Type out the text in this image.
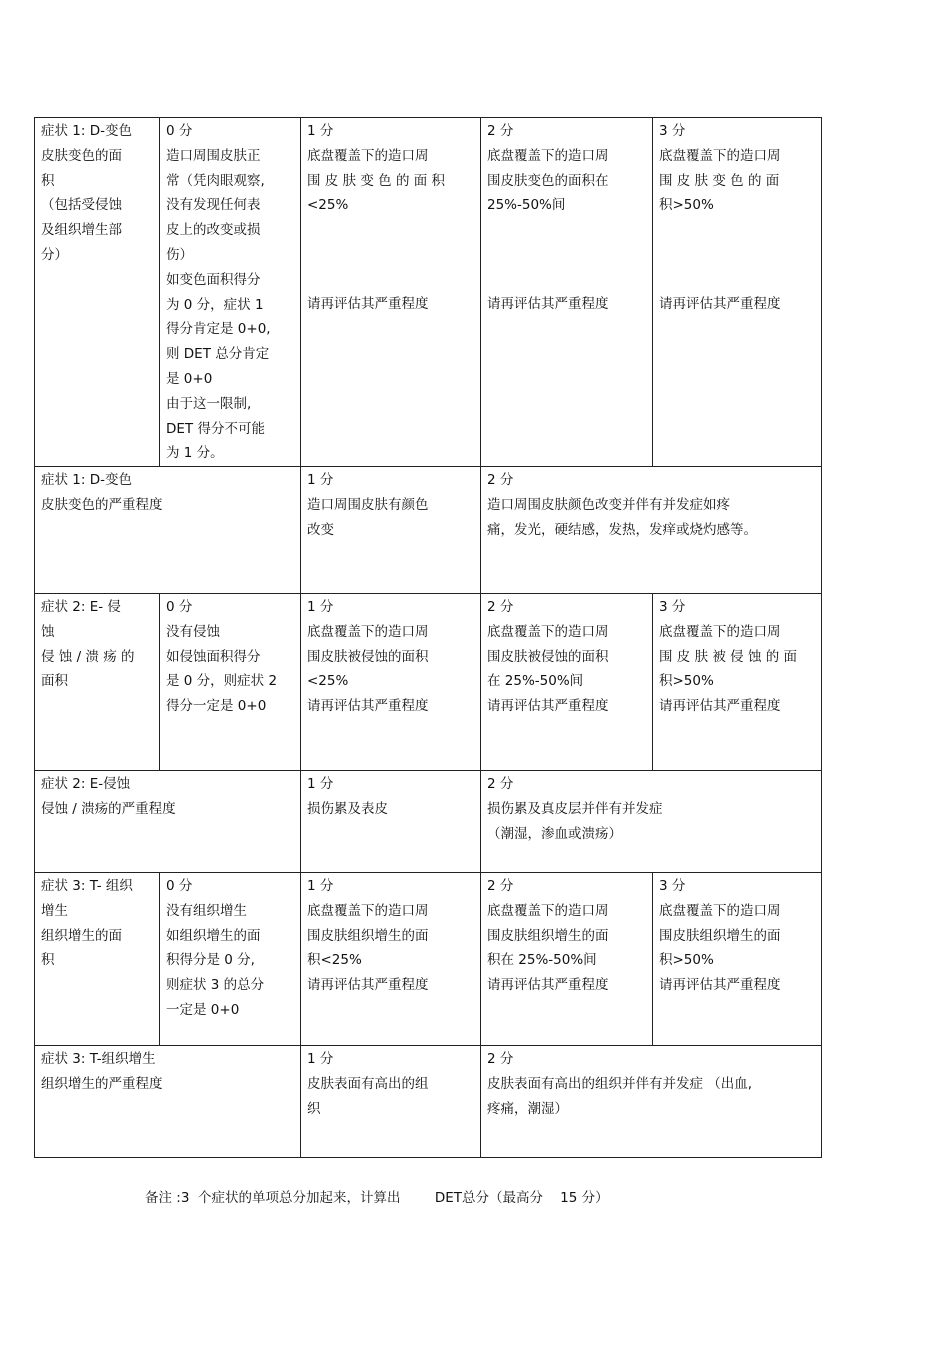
症状 1: D-变色
皮肤变色的面
积
（包括受侵蚀
及组织增生部
分）
0 分
造口周围皮肤正
常（凭肉眼观察,
没有发现任何表
皮上的改变或损
伤）
如变色面积得分
为 0 分，症状 1
得分肯定是 0+0,
则 DET 总分肯定
是 0+0
由于这一限制,
DET 得分不可能
为 1 分。
1 分
底盘覆盖下的造口周
围 皮 肤 变 色 的 面 积
<25%
请再评估其严重程度
2 分
底盘覆盖下的造口周
围皮肤变色的面积在
25%-50%间
请再评估其严重程度
3 分
底盘覆盖下的造口周
围 皮 肤 变 色 的 面
积>50%
请再评估其严重程度
症状 1: D-变色
皮肤变色的严重程度
1 分
造口周围皮肤有颜色
改变
2 分
造口周围皮肤颜色改变并伴有并发症如疼
痛，发光，硬结感，发热，发痒或烧灼感等。
症状 2: E- 侵
蚀
侵 蚀 / 溃 疡 的
面积
0 分
没有侵蚀
如侵蚀面积得分
是 0 分，则症状 2
得分一定是 0+0
1 分
底盘覆盖下的造口周
围皮肤被侵蚀的面积
<25%
请再评估其严重程度
2 分
底盘覆盖下的造口周
围皮肤被侵蚀的面积
在 25%-50%间
请再评估其严重程度
3 分
底盘覆盖下的造口周
围 皮 肤 被 侵 蚀 的 面
积>50%
请再评估其严重程度
症状 2: E-侵蚀
侵蚀 / 溃疡的严重程度
1 分
损伤累及表皮
2 分
损伤累及真皮层并伴有并发症
（潮湿，渗血或溃疡）
症状 3: T- 组织
增生
组织增生的面
积
0 分
没有组织增生
如组织增生的面
积得分是 0 分,
则症状 3 的总分
一定是 0+0
1 分
底盘覆盖下的造口周
围皮肤组织增生的面
积<25%
请再评估其严重程度
2 分
底盘覆盖下的造口周
围皮肤组织增生的面
积在 25%-50%间
请再评估其严重程度
3 分
底盘覆盖下的造口周
围皮肤组织增生的面
积>50%
请再评估其严重程度
症状 3: T-组织增生
组织增生的严重程度
1 分
皮肤表面有高出的组
织
2 分
皮肤表面有高出的组织并伴有并发症 （出血,
疼痛，潮湿）
备注 :3  个症状的单项总分加起来，计算出        DET总分（最高分    15 分）
